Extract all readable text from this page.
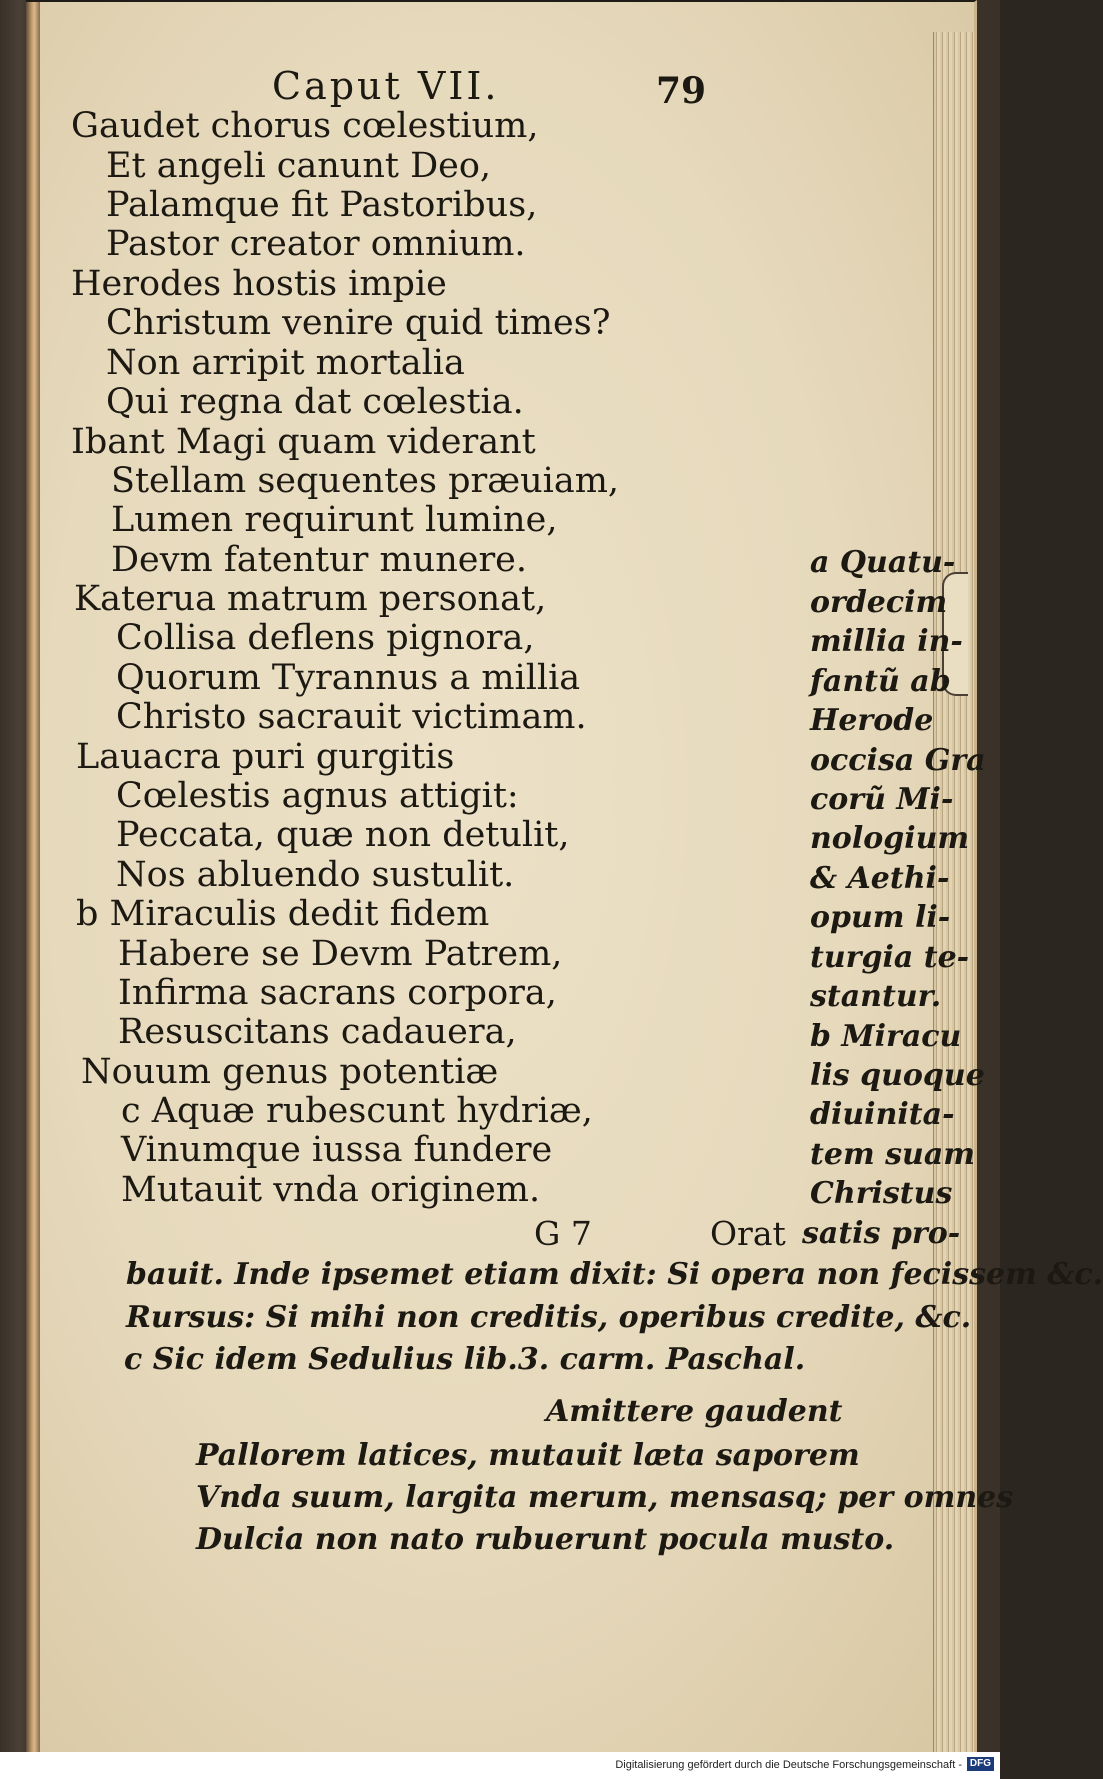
Caput VII.	79
Gaudet chorus cœlestium,
Et angeli canunt Deo,
Palamque fit Pastoribus,
Pastor creator omnium.
Herodes hostis impie
Christum venire quid times?
Non arripit mortalia
Qui regna dat cœlestia.
Ibant Magi quam viderant
Stellam sequentes præuiam,
Lumen requirunt lumine,
Devm fatentur munere.
Katerua matrum personat,
Collisa deflens pignora,
Quorum Tyrannus a millia
Christo sacrauit victimam.
Lauacra puri gurgitis
Cœlestis agnus attigit:
Peccata, quæ non detulit,
Nos abluendo sustulit.
b Miraculis dedit fidem
Habere se Devm Patrem,
Infirma sacrans corpora,
Resuscitans cadauera,
Nouum genus potentiæ
c Aquæ rubescunt hydriæ,
Vinumque iussa fundere
Mutauit vnda originem.
a Quatu-
ordecim
millia in-
fantũ ab
Herode
occisa Gra
corũ Mi-
nologium
& Aethi-
opum li-
turgia te-
stantur.
b Miracu
lis quoque
diuinita-
tem suam
Christus
G 7	Orat satis pro-
bauit. Inde ipsemet etiam dixit: Si opera non fecissem &c.
Rursus: Si mihi non creditis, operibus credite, &c.
c Sic idem Sedulius lib.3. carm. Paschal.
Amittere gaudent
Pallorem latices, mutauit læta saporem
Vnda suum, largita merum, mensasq; per omnes
Dulcia non nato rubuerunt pocula musto.
Digitalisierung gefördert durch die Deutsche Forschungsgemeinschaft - DFG
